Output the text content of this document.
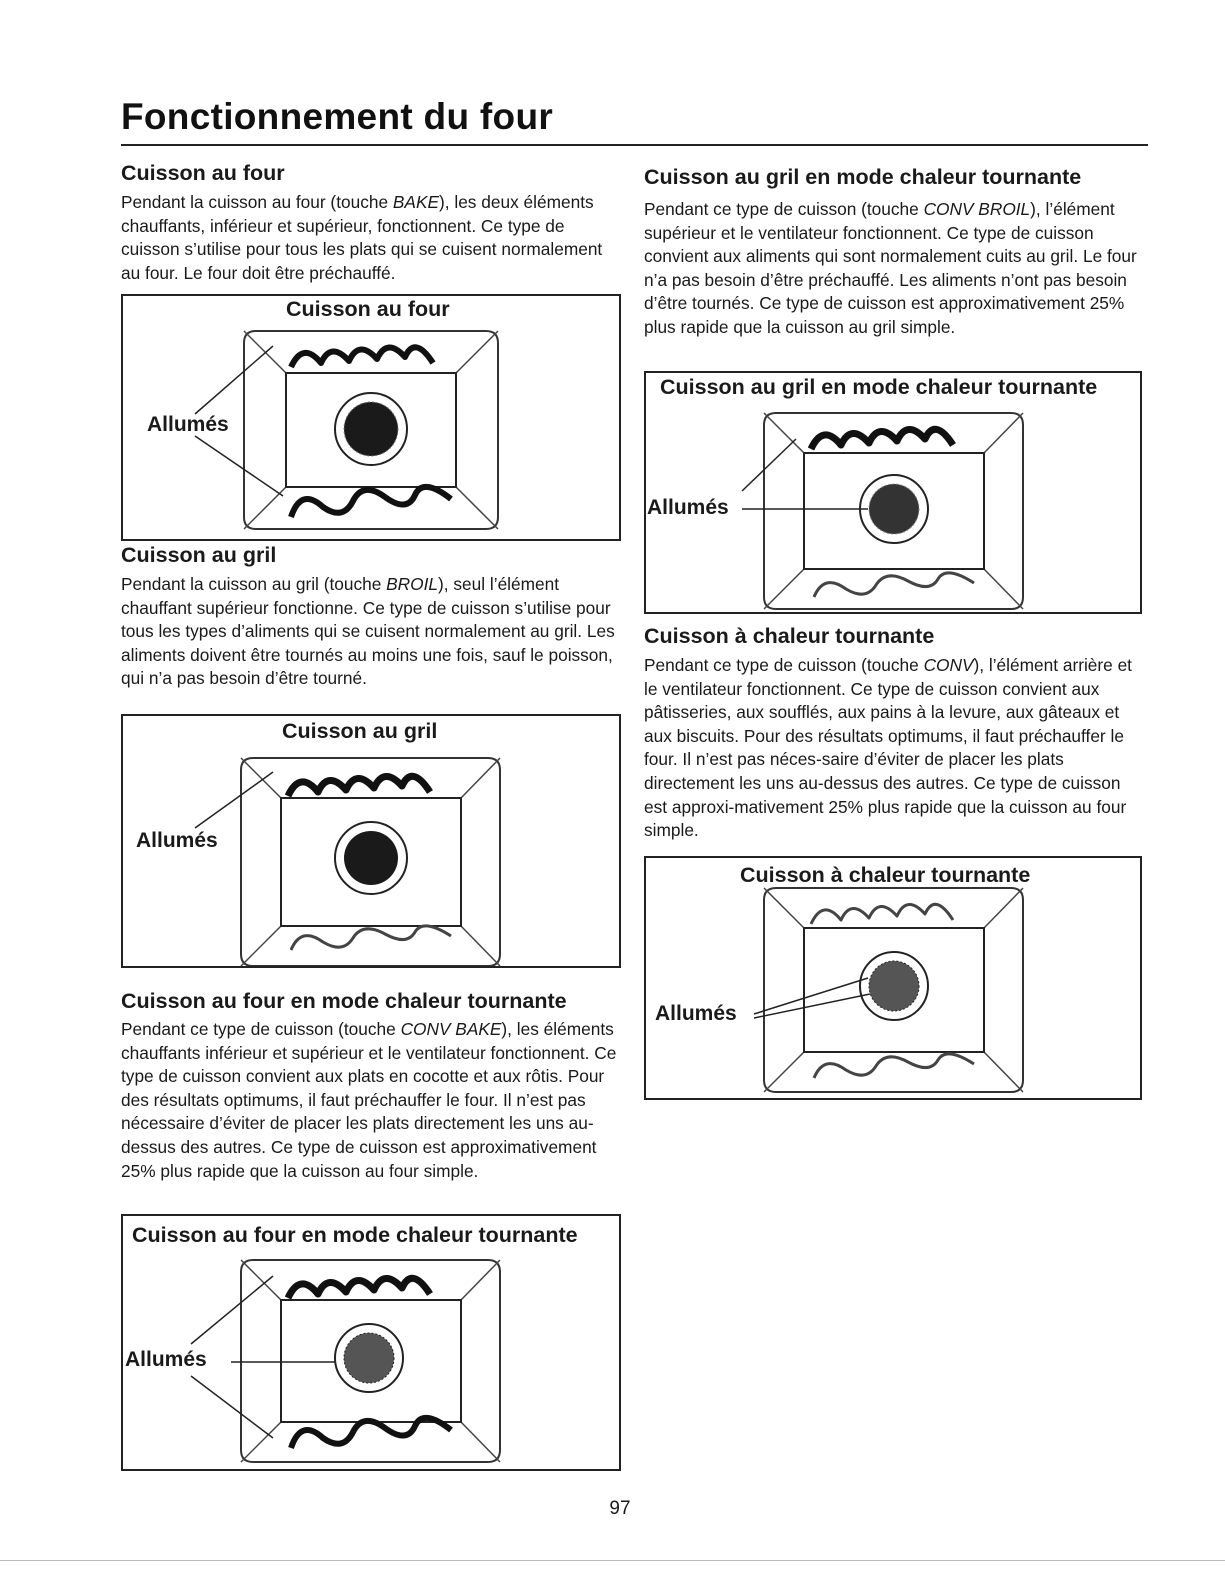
Fonctionnement du four
Cuisson au four

Pendant la cuisson au four (touche BAKE), les deux éléments chauffants, inférieur et supérieur, fonctionnent. Ce type de cuisson s’utilise pour tous les plats qui se cuisent normalement au four. Le four doit être préchauffé.

Cuisson au four
Allumés
Cuisson au gril

Pendant la cuisson au gril (touche BROIL), seul l’élément chauffant supérieur fonctionne. Ce type de cuisson s’utilise pour tous les types d’aliments qui se cuisent normalement au gril. Les aliments doivent être tournés au moins une fois, sauf le poisson, qui n’a pas besoin d’être tourné.

Cuisson au gril
Allumés
Cuisson au four en mode chaleur tournante

Pendant ce type de cuisson (touche CONV BAKE), les éléments chauffants inférieur et supérieur et le ventilateur fonctionnent. Ce type de cuisson convient aux plats en cocotte et aux rôtis. Pour des résultats optimums, il faut préchauffer le four. Il n’est pas nécessaire d’éviter de placer les plats directement les uns au-dessus des autres. Ce type de cuisson est approximativement 25% plus rapide que la cuisson au four simple.

Cuisson au four en mode chaleur tournante
Allumés
Cuisson au gril en mode chaleur tournante

Pendant ce type de cuisson (touche CONV BROIL), l’élément supérieur et le ventilateur fonctionnent. Ce type de cuisson convient aux aliments qui sont normalement cuits au gril. Le four n’a pas besoin d’être préchauffé. Les aliments n’ont pas besoin d’être tournés. Ce type de cuisson est approximativement 25% plus rapide que la cuisson au gril simple.

Cuisson au gril en mode chaleur tournante
Allumés
Cuisson à chaleur tournante

Pendant ce type de cuisson (touche CONV), l’élément arrière et le ventilateur fonctionnent. Ce type de cuisson convient aux pâtisseries, aux soufflés, aux pains à la levure, aux gâteaux et aux biscuits. Pour des résultats optimums, il faut préchauffer le four. Il n’est pas néces-saire d’éviter de placer les plats directement les uns au-dessus des autres. Ce type de cuisson est approxi-mativement 25% plus rapide que la cuisson au four simple.

Cuisson à chaleur tournante
Allumés
97
